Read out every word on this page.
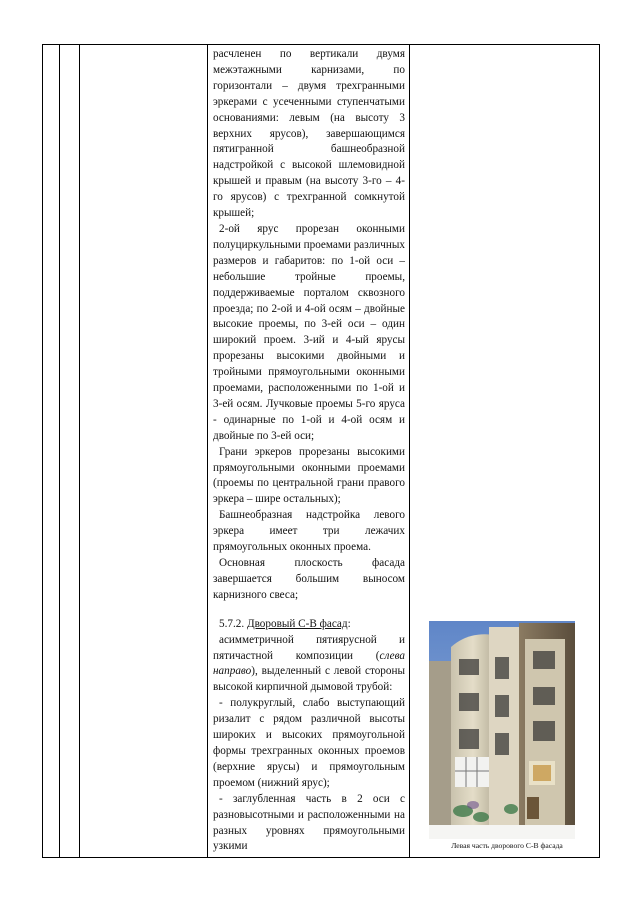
расчленен по вертикали двумя межэтажными карнизами, по горизонтали – двумя трехгранными эркерами с усеченными ступенчатыми основаниями: левым (на высоту 3 верхних ярусов), завершающимся пятигранной башнеобразной надстройкой с высокой шлемовидной крышей и правым (на высоту 3-го – 4-го ярусов) с трехгранной сомкнутой крышей;

2-ой ярус прорезан оконными полуциркульными проемами различных размеров и габаритов: по 1-ой оси – небольшие тройные проемы, поддерживаемые порталом сквозного проезда; по 2-ой и 4-ой осям – двойные высокие проемы, по 3-ей оси – один широкий проем. 3-ий и 4-ый ярусы прорезаны высокими двойными и тройными прямоугольными оконными проемами, расположенными по 1-ой и 3-ей осям. Лучковые проемы 5-го яруса - одинарные по 1-ой и 4-ой осям и двойные по 3-ей оси;

Грани эркеров прорезаны высокими прямоугольными оконными проемами (проемы по центральной грани правого эркера – шире остальных);

Башнеобразная надстройка левого эркера имеет три лежачих прямоугольных оконных проема.

Основная плоскость фасада завершается большим выносом карнизного свеса;

5.7.2. Дворовый С-В фасад:

асимметричной пятиярусной и пятичастной композиции (слева направо), выделенный с левой стороны высокой кирпичной дымовой трубой:

- полукруглый, слабо выступающий ризалит с рядом различной высоты широких и высоких прямоугольной формы трехгранных оконных проемов (верхние ярусы) и прямоугольным проемом (нижний ярус);

- заглубленная часть в 2 оси с разновысотными и расположенными на разных уровнях прямоугольными узкими	Левая часть дворового С-В фасада
